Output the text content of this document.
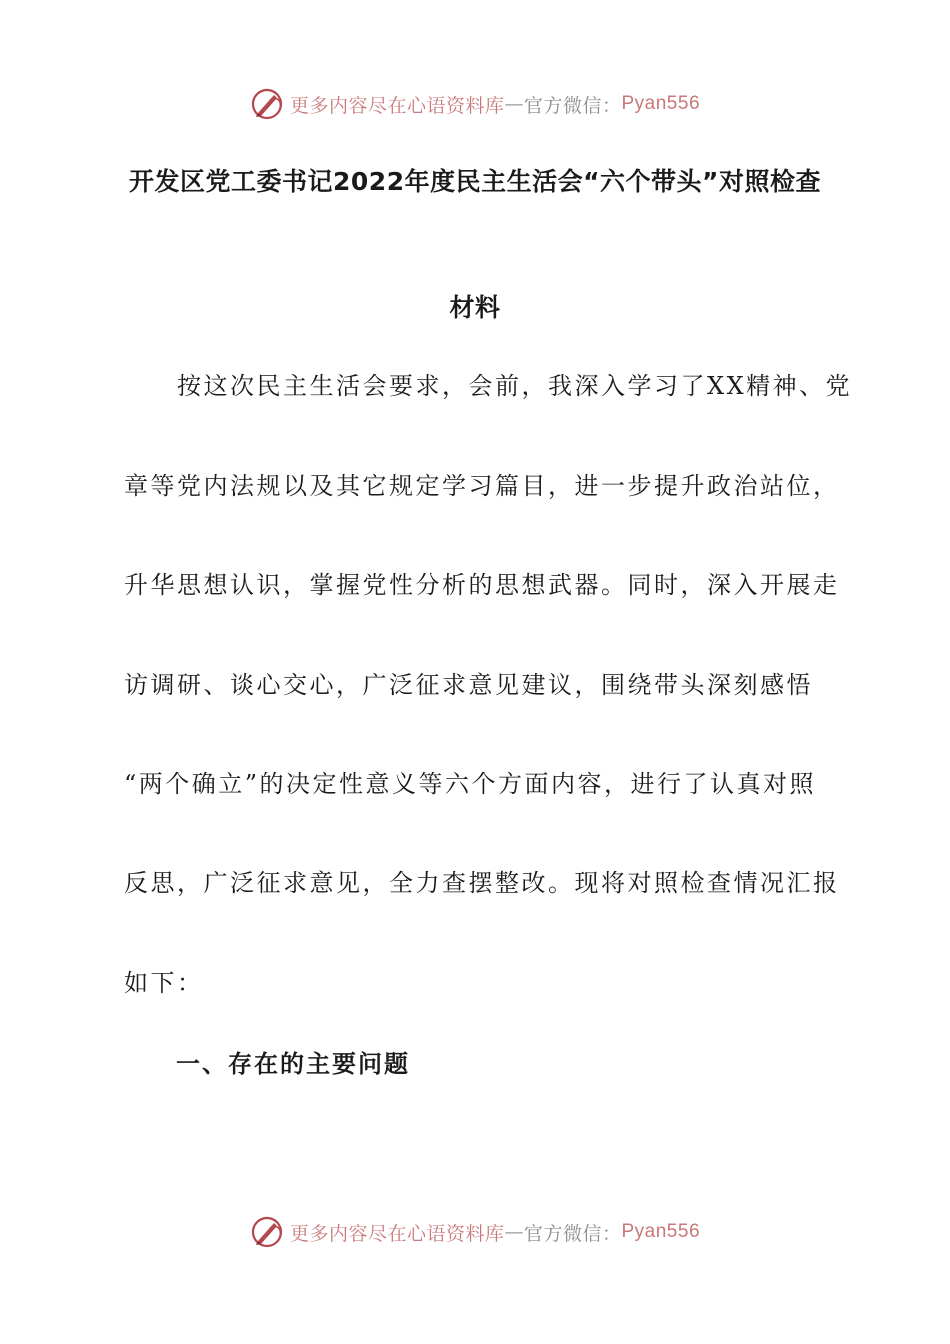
更多内容尽在心语资料库 — 官方微信： Pyan556
开发区党工委书记2022年度民主生活会“六个带头”对照检查
材料

　　按这次民主生活会要求，会前，我深入学习了XX精神、党

章等党内法规以及其它规定学习篇目，进一步提升政治站位，

升华思想认识，掌握党性分析的思想武器。同时，深入开展走

访调研、谈心交心，广泛征求意见建议，围绕带头深刻感悟

“两个确立”的决定性意义等六个方面内容，进行了认真对照

反思，广泛征求意见，全力查摆整改。现将对照检查情况汇报

如下：

一、存在的主要问题
更多内容尽在心语资料库 — 官方微信： Pyan556
